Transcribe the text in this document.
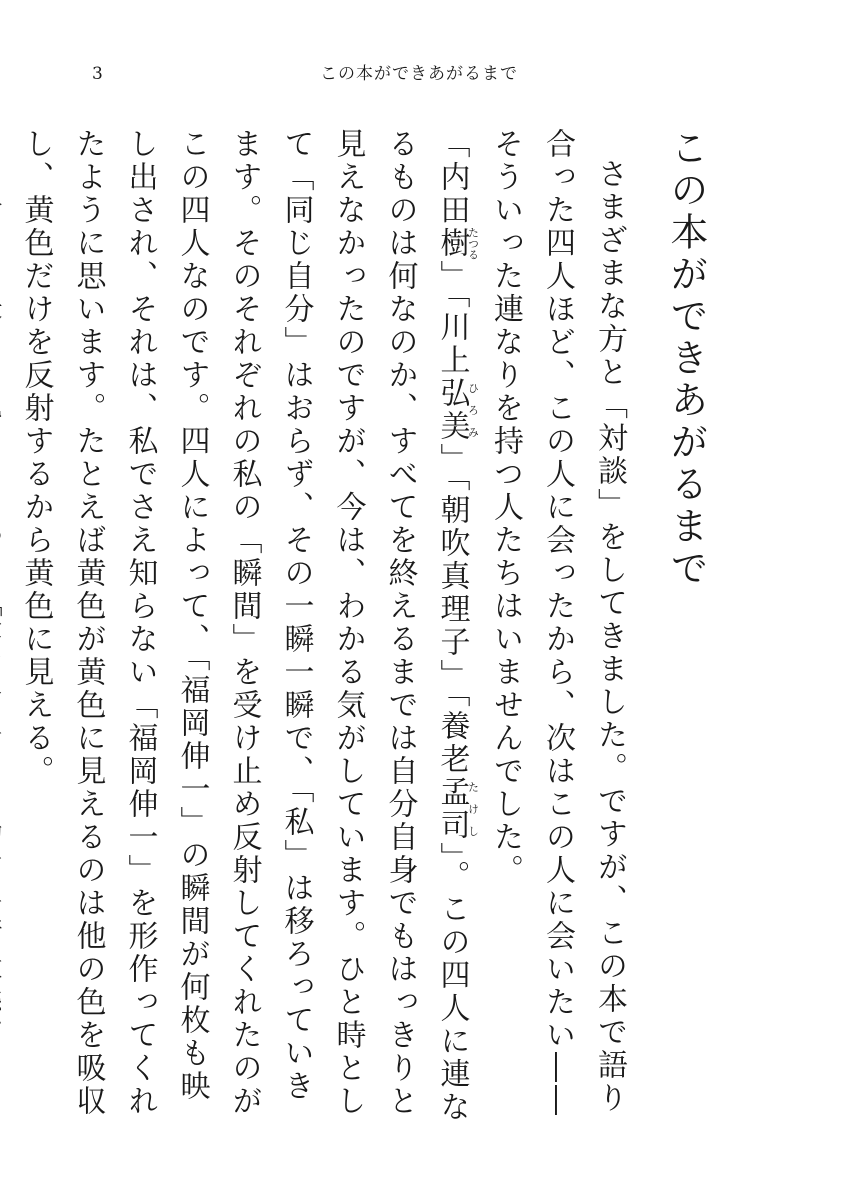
3	この本ができあがるまで
この本ができあがるまで

さまざまな方と「対談」をしてきました。ですが、この本で語り合った四人ほど、この人に会ったから、次はこの人に会いたい――そういった連なりを持つ人たちはいませんでした。

「内田樹たつる」「川上弘美ひろみ」「朝吹真理子」「養老孟司たけし」。この四人に連なるものは何なのか、すべてを終えるまでは自分自身でもはっきりと見えなかったのですが、今は、わかる気がしています。ひと時として「同じ自分」はおらず、その一瞬一瞬で、「私」は移ろっていきます。そのそれぞれの私の「瞬間」を受け止め反射してくれたのがこの四人なのです。四人によって、「福岡伸一」の瞬間が何枚も映し出され、それは、私でさえ知らない「福岡伸一」を形作ってくれたように思います。たとえば黄色が黄色に見えるのは他の色を吸収し、黄色だけを反射するから黄色に見える。
